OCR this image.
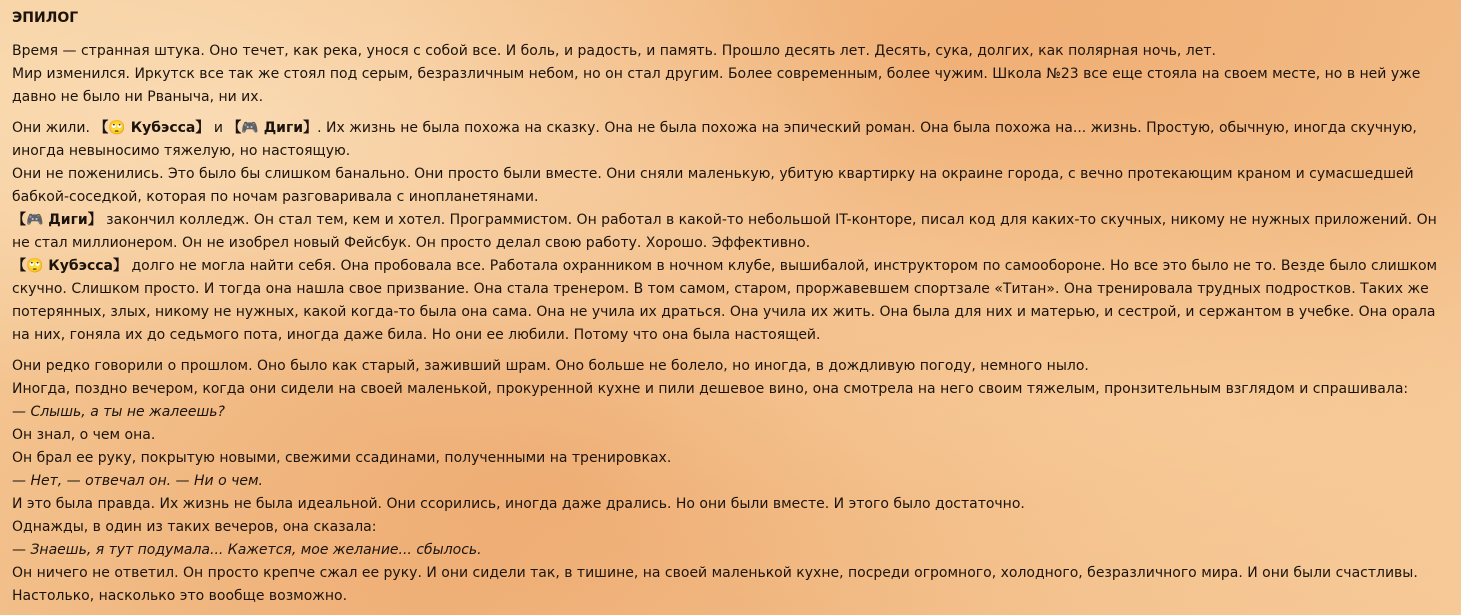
ЭПИЛОГ

Время — странная штука. Оно течет, как река, унося с собой все. И боль, и радость, и память. Прошло десять лет. Десять, сука, долгих, как полярная ночь, лет.

Мир изменился. Иркутск все так же стоял под серым, безразличным небом, но он стал другим. Более современным, более чужим. Школа №23 все еще стояла на своем месте, но в ней уже давно не было ни Рваныча, ни их.

Они жили. 【🙄 Кубэсса】 и 【🎮 Диги】. Их жизнь не была похожа на сказку. Она не была похожа на эпический роман. Она была похожа на... жизнь. Простую, обычную, иногда скучную, иногда невыносимо тяжелую, но настоящую.

Они не поженились. Это было бы слишком банально. Они просто были вместе. Они сняли маленькую, убитую квартирку на окраине города, с вечно протекающим краном и сумасшедшей бабкой-соседкой, которая по ночам разговаривала с инопланетянами.

【🎮 Диги】 закончил колледж. Он стал тем, кем и хотел. Программистом. Он работал в какой-то небольшой IT-конторе, писал код для каких-то скучных, никому не нужных приложений. Он не стал миллионером. Он не изобрел новый Фейсбук. Он просто делал свою работу. Хорошо. Эффективно.

【🙄 Кубэсса】 долго не могла найти себя. Она пробовала все. Работала охранником в ночном клубе, вышибалой, инструктором по самообороне. Но все это было не то. Везде было слишком скучно. Слишком просто. И тогда она нашла свое призвание. Она стала тренером. В том самом, старом, проржавевшем спортзале «Титан». Она тренировала трудных подростков. Таких же потерянных, злых, никому не нужных, какой когда-то была она сама. Она не учила их драться. Она учила их жить. Она была для них и матерью, и сестрой, и сержантом в учебке. Она орала на них, гоняла их до седьмого пота, иногда даже била. Но они ее любили. Потому что она была настоящей.

Они редко говорили о прошлом. Оно было как старый, заживший шрам. Оно больше не болело, но иногда, в дождливую погоду, немного ныло.

Иногда, поздно вечером, когда они сидели на своей маленькой, прокуренной кухне и пили дешевое вино, она смотрела на него своим тяжелым, пронзительным взглядом и спрашивала:

— Слышь, а ты не жалеешь?

Он знал, о чем она.

Он брал ее руку, покрытую новыми, свежими ссадинами, полученными на тренировках.

— Нет, — отвечал он. — Ни о чем.

И это была правда. Их жизнь не была идеальной. Они ссорились, иногда даже дрались. Но они были вместе. И этого было достаточно.

Однажды, в один из таких вечеров, она сказала:

— Знаешь, я тут подумала... Кажется, мое желание... сбылось.

Он ничего не ответил. Он просто крепче сжал ее руку. И они сидели так, в тишине, на своей маленькой кухне, посреди огромного, холодного, безразличного мира. И они были счастливы. Настолько, насколько это вообще возможно.
